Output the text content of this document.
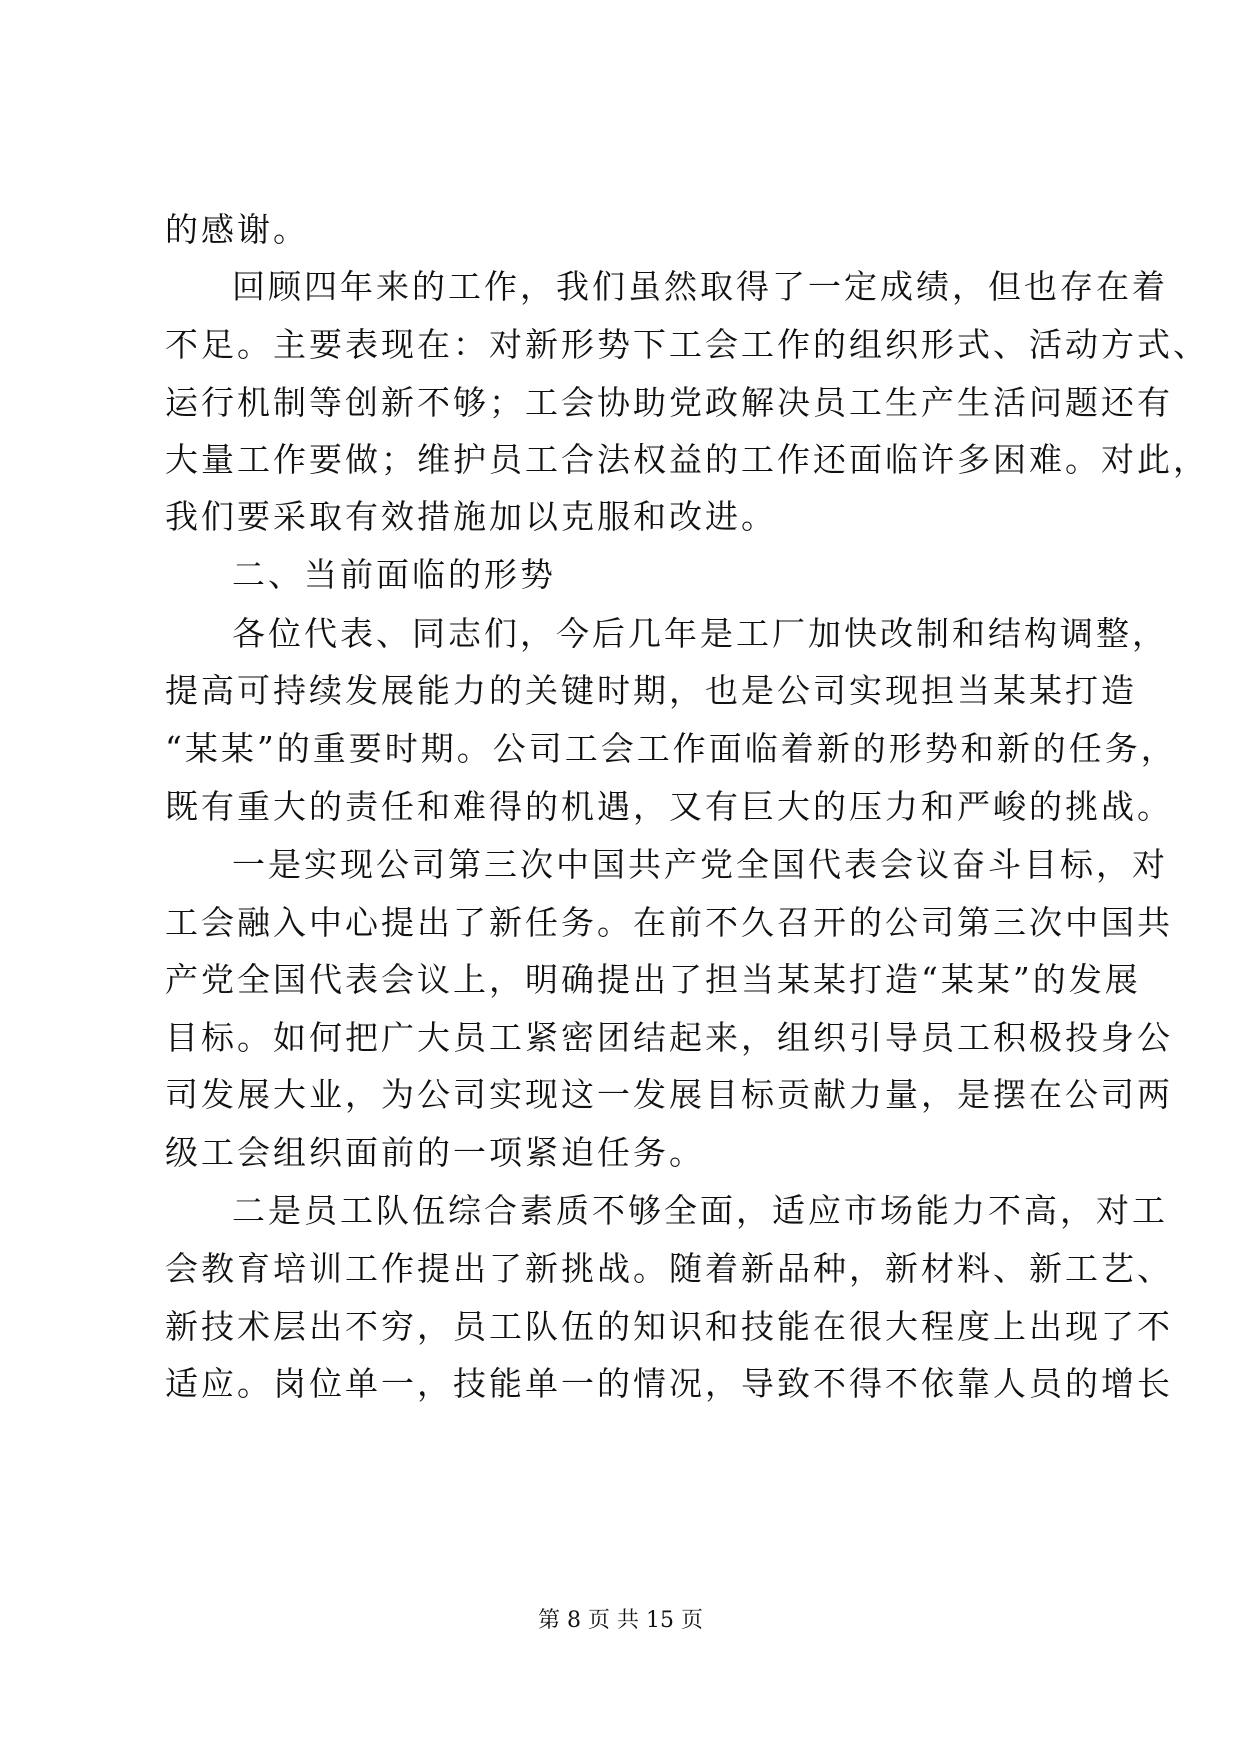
的感谢。
回顾四年来的工作，我们虽然取得了一定成绩，但也存在着
不足。主要表现在：对新形势下工会工作的组织形式、活动方式、
运行机制等创新不够；工会协助党政解决员工生产生活问题还有
大量工作要做；维护员工合法权益的工作还面临许多困难。对此，
我们要采取有效措施加以克服和改进。
二、当前面临的形势
各位代表、同志们，今后几年是工厂加快改制和结构调整，
提高可持续发展能力的关键时期，也是公司实现担当某某打造
“某某”的重要时期。公司工会工作面临着新的形势和新的任务，
既有重大的责任和难得的机遇，又有巨大的压力和严峻的挑战。
一是实现公司第三次中国共产党全国代表会议奋斗目标，对
工会融入中心提出了新任务。在前不久召开的公司第三次中国共
产党全国代表会议上，明确提出了担当某某打造“某某”的发展
目标。如何把广大员工紧密团结起来，组织引导员工积极投身公
司发展大业，为公司实现这一发展目标贡献力量，是摆在公司两
级工会组织面前的一项紧迫任务。
二是员工队伍综合素质不够全面，适应市场能力不高，对工
会教育培训工作提出了新挑战。随着新品种，新材料、新工艺、
新技术层出不穷，员工队伍的知识和技能在很大程度上出现了不
适应。岗位单一，技能单一的情况，导致不得不依靠人员的增长
第 8 页 共 15 页
